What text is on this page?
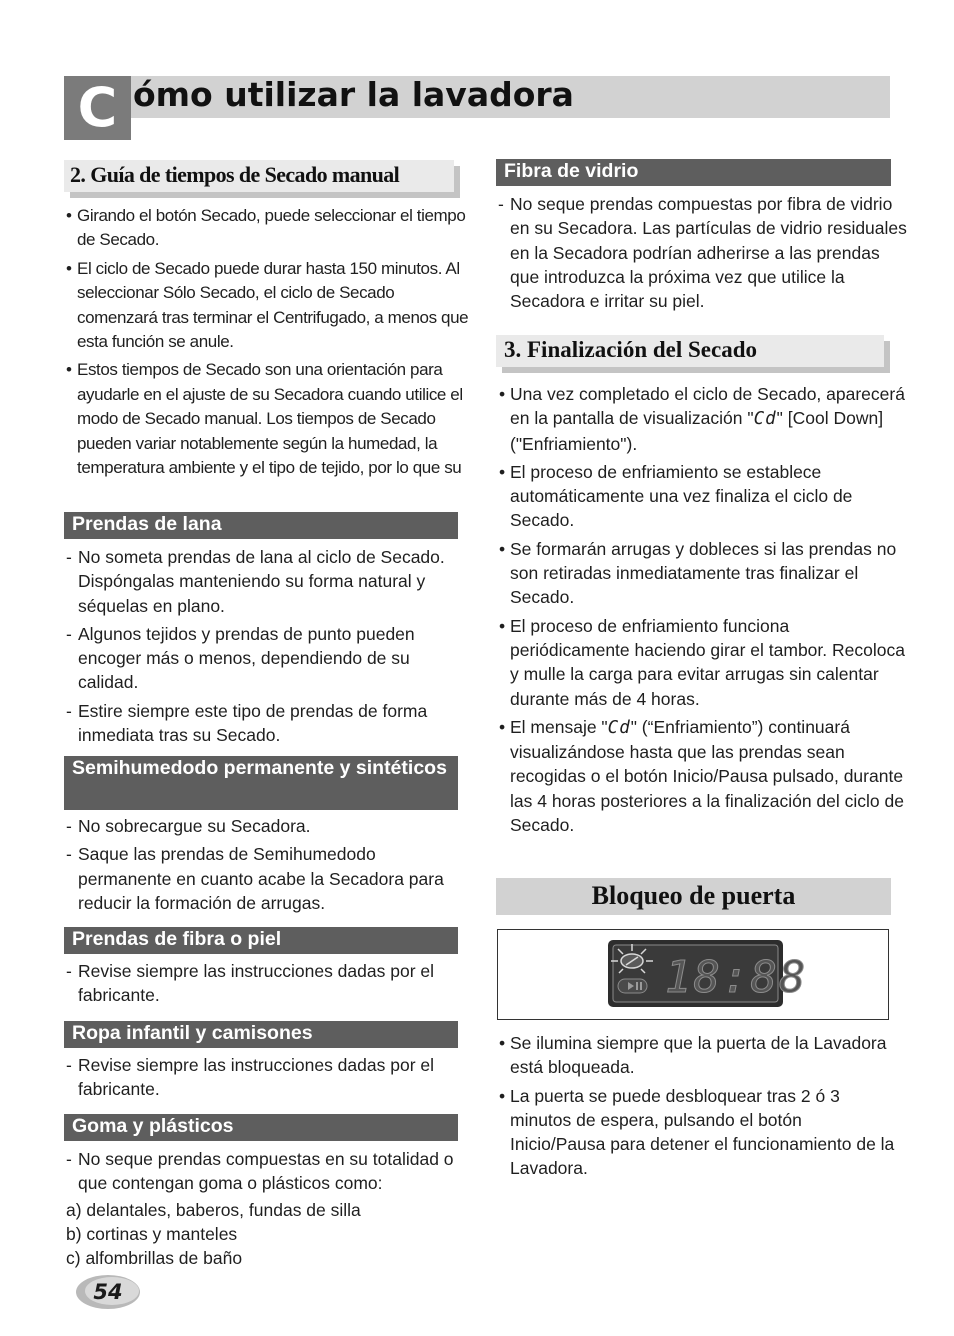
C ómo utilizar la lavadora
2. Guía de tiempos de Secado manual
• Girando el botón Secado, puede seleccionar el tiempo de Secado.
• El ciclo de Secado puede durar hasta 150 minutos. Al seleccionar Sólo Secado, el ciclo de Secado comenzará tras terminar el Centrifugado, a menos que esta función se anule.
• Estos tiempos de Secado son una orientación para ayudarle en el ajuste de su Secadora cuando utilice el modo de Secado manual. Los tiempos de Secado pueden variar notablemente según la humedad, la temperatura ambiente y el tipo de tejido, por lo que su
Prendas de lana
- No someta prendas de lana al ciclo de Secado. Dispóngalas manteniendo su forma natural y séquelas en plano.
- Algunos tejidos y prendas de punto pueden encoger más o menos, dependiendo de su calidad.
- Estire siempre este tipo de prendas de forma inmediata tras su Secado.
Semihumedodo permanente y sintéticos
- No sobrecargue su Secadora.
- Saque las prendas de Semihumedodo permanente en cuanto acabe la Secadora para reducir la formación de arrugas.
Prendas de fibra o piel
- Revise siempre las instrucciones dadas por el fabricante.
Ropa infantil y camisones
- Revise siempre las instrucciones dadas por el fabricante.
Goma y plásticos
- No seque prendas compuestas en su totalidad o que contengan goma o plásticos como:
a) delantales, baberos, fundas de silla
b) cortinas y manteles
c) alfombrillas de baño
54
Fibra de vidrio
- No seque prendas compuestas por fibra de vidrio en su Secadora. Las partículas de vidrio residuales en la Secadora podrían adherirse a las prendas que introduzca la próxima vez que utilice la Secadora e irritar su piel.
3. Finalización del Secado
• Una vez completado el ciclo de Secado, aparecerá en la pantalla de visualización "Cd" [Cool Down] ("Enfriamiento").
• El proceso de enfriamiento se establece automáticamente una vez finaliza el ciclo de Secado.
• Se formarán arrugas y dobleces si las prendas no son retiradas inmediatamente tras finalizar el Secado.
• El proceso de enfriamiento funciona periódicamente haciendo girar el tambor. Recoloca y mulle la carga para evitar arrugas sin calentar durante más de 4 horas.
• El mensaje "Cd" (“Enfriamiento”) continuará visualizándose hasta que las prendas sean recogidas o el botón Inicio/Pausa pulsado, durante las 4 horas posteriores a la finalización del ciclo de Secado.
Bloqueo de puerta
18:88
• Se ilumina siempre que la puerta de la Lavadora está bloqueada.
• La puerta se puede desbloquear tras 2 ó 3 minutos de espera, pulsando el botón Inicio/Pausa para detener el funcionamiento de la Lavadora.
